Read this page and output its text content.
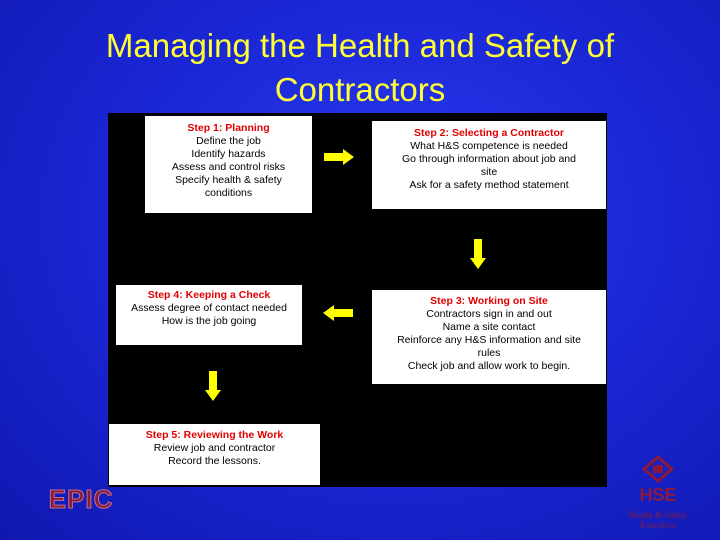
Managing the Health and Safety of
Contractors
Step 1: Planning
Define the job
Identify hazards
Assess and control risks
Specify health & safety
conditions
Step 2: Selecting a Contractor
What H&S competence is needed
Go through information about job and
site
Ask for a safety method statement
Step 3: Working on Site
Contractors sign in and out
Name a site contact
Reinforce any H&S information and site
rules
Check job and allow work to begin.
Step 4: Keeping a Check
Assess degree of contact needed
How is the job going
Step 5: Reviewing the Work
Review job and contractor
Record the lessons.
EPIC	HSE
Health & Safety
Executive
